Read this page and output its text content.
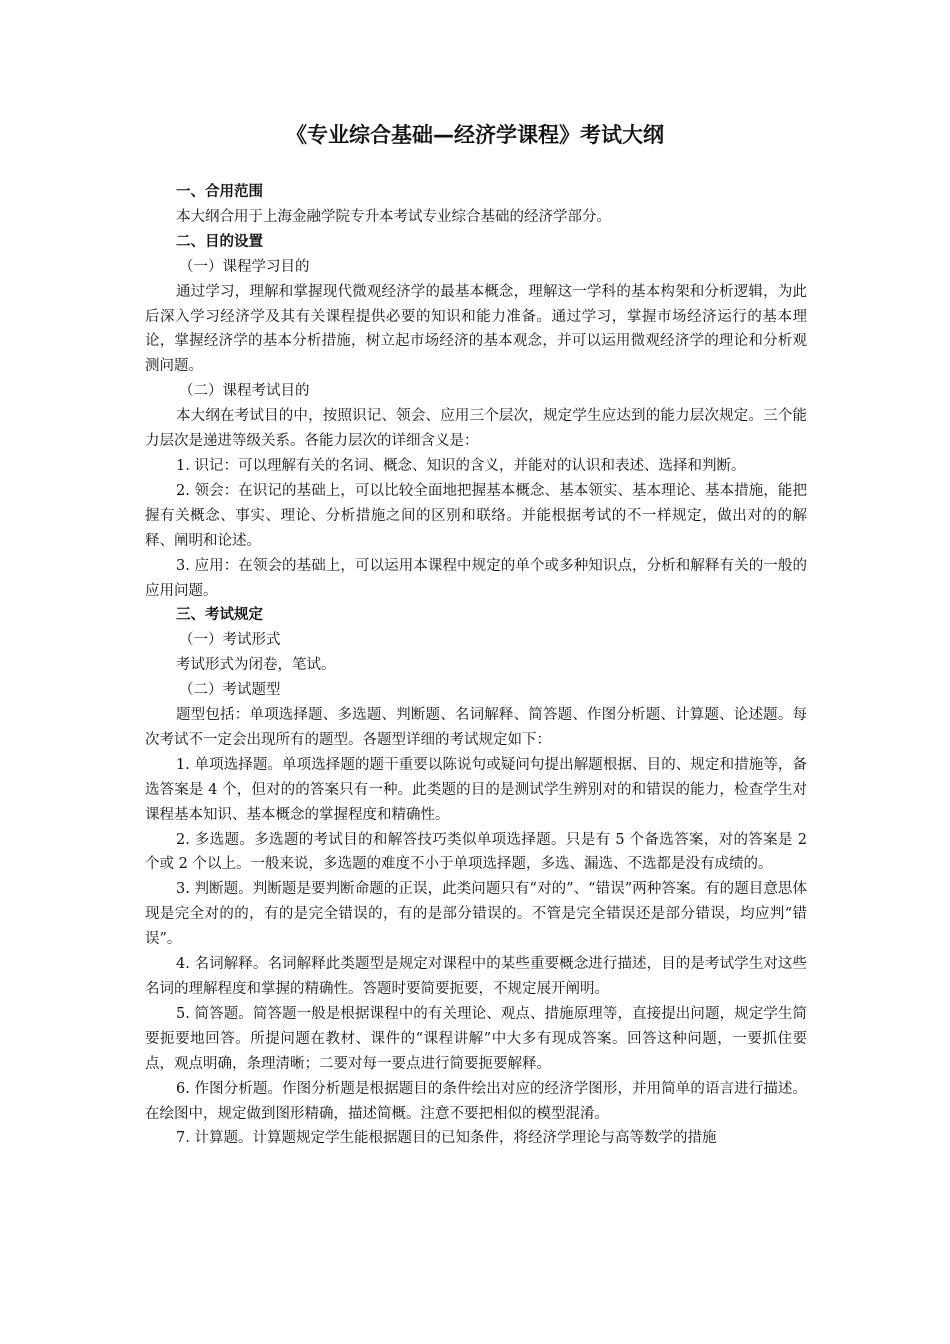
《专业综合基础—经济学课程》考试大纲

一、合用范围

本大纲合用于上海金融学院专升本考试专业综合基础的经济学部分。

二、目的设置

（一）课程学习目的

通过学习，理解和掌握现代微观经济学的最基本概念，理解这一学科的基本构架和分析逻辑，为此后深入学习经济学及其有关课程提供必要的知识和能力准备。通过学习，掌握市场经济运行的基本理论，掌握经济学的基本分析措施，树立起市场经济的基本观念，并可以运用微观经济学的理论和分析观测问题。

（二）课程考试目的

本大纲在考试目的中，按照识记、领会、应用三个层次，规定学生应达到的能力层次规定。三个能力层次是递进等级关系。各能力层次的详细含义是：

1. 识记：可以理解有关的名词、概念、知识的含义，并能对的认识和表述、选择和判断。

2. 领会：在识记的基础上，可以比较全面地把握基本概念、基本领实、基本理论、基本措施，能把握有关概念、事实、理论、分析措施之间的区别和联络。并能根据考试的不一样规定，做出对的的解释、阐明和论述。

3. 应用：在领会的基础上，可以运用本课程中规定的单个或多种知识点，分析和解释有关的一般的应用问题。

三、考试规定

（一）考试形式

考试形式为闭卷，笔试。

（二）考试题型

题型包括：单项选择题、多选题、判断题、名词解释、简答题、作图分析题、计算题、论述题。每次考试不一定会出现所有的题型。各题型详细的考试规定如下：

1. 单项选择题。单项选择题的题干重要以陈说句或疑问句提出解题根据、目的、规定和措施等，备选答案是 4 个，但对的的答案只有一种。此类题的目的是测试学生辨别对的和错误的能力，检查学生对课程基本知识、基本概念的掌握程度和精确性。

2. 多选题。多选题的考试目的和解答技巧类似单项选择题。只是有 5 个备选答案，对的答案是 2 个或 2 个以上。一般来说，多选题的难度不小于单项选择题，多选、漏选、不选都是没有成绩的。

3. 判断题。判断题是要判断命题的正误，此类问题只有“对的”、“错误”两种答案。有的题目意思体现是完全对的的，有的是完全错误的，有的是部分错误的。不管是完全错误还是部分错误，均应判“错误”。

4. 名词解释。名词解释此类题型是规定对课程中的某些重要概念进行描述，目的是考试学生对这些名词的理解程度和掌握的精确性。答题时要简要扼要，不规定展开阐明。

5. 简答题。简答题一般是根据课程中的有关理论、观点、措施原理等，直接提出问题，规定学生简要扼要地回答。所提问题在教材、课件的“课程讲解”中大多有现成答案。回答这种问题，一要抓住要点，观点明确，条理清晰；二要对每一要点进行简要扼要解释。

6. 作图分析题。作图分析题是根据题目的条件绘出对应的经济学图形，并用简单的语言进行描述。在绘图中，规定做到图形精确，描述简概。注意不要把相似的模型混淆。

7. 计算题。计算题规定学生能根据题目的已知条件，将经济学理论与高等数学的措施
